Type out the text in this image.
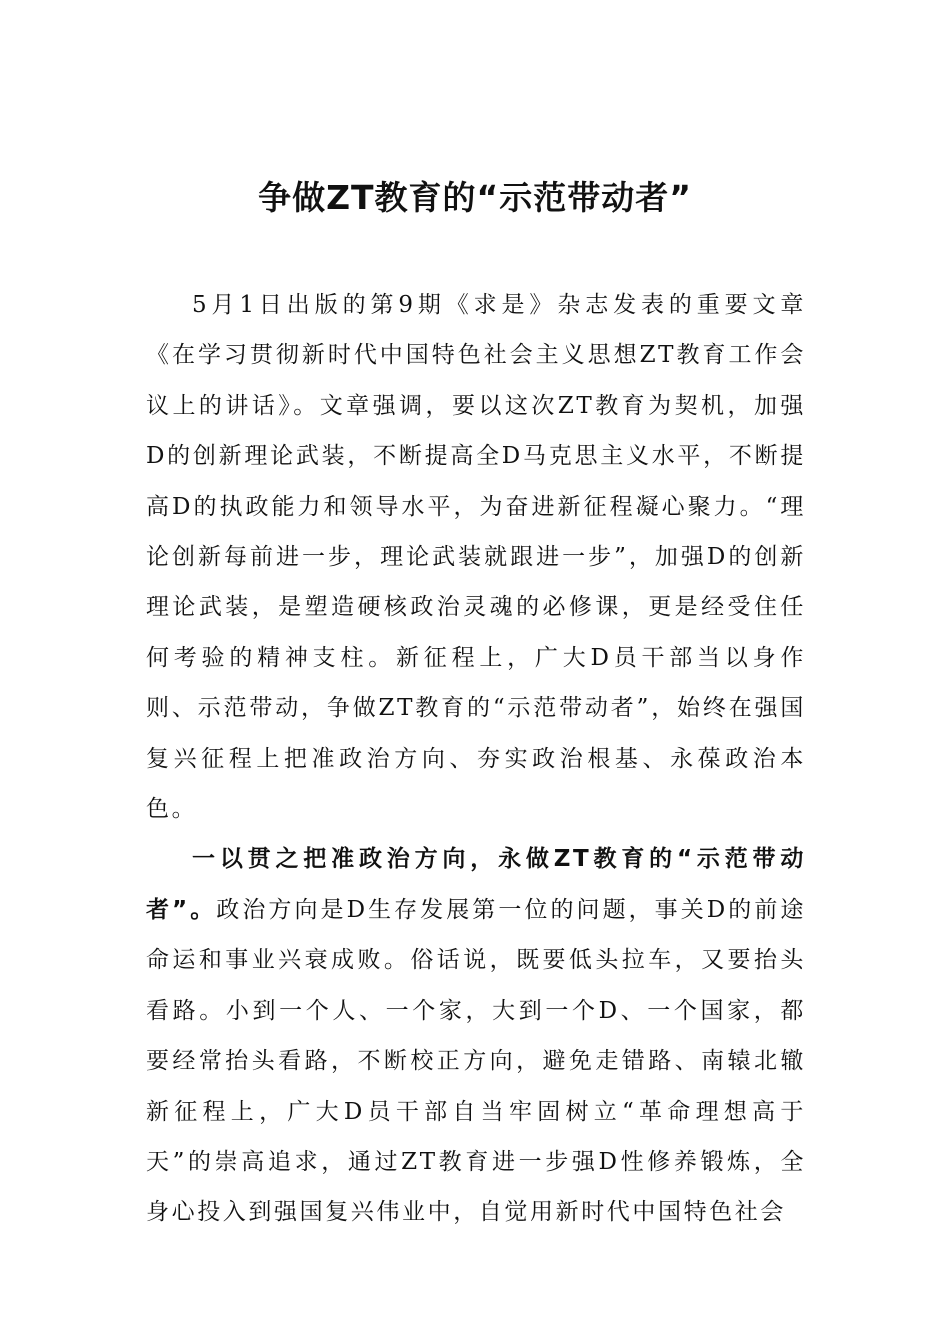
争做ZT教育的“示范带动者”

5月1日出版的第9期《求是》杂志发表的重要文章《在学习贯彻新时代中国特色社会主义思想ZT教育工作会议上的讲话》。文章强调，要以这次ZT教育为契机，加强D的创新理论武装，不断提高全D马克思主义水平，不断提高D的执政能力和领导水平，为奋进新征程凝心聚力。“理论创新每前进一步，理论武装就跟进一步”，加强D的创新理论武装，是塑造硬核政治灵魂的必修课，更是经受住任何考验的精神支柱。新征程上，广大D员干部当以身作则、示范带动，争做ZT教育的“示范带动者”，始终在强国复兴征程上把准政治方向、夯实政治根基、永葆政治本色。

一以贯之把准政治方向，永做ZT教育的“示范带动者”。政治方向是D生存发展第一位的问题，事关D的前途命运和事业兴衰成败。俗话说，既要低头拉车，又要抬头看路。小到一个人、一个家，大到一个D、一个国家，都要经常抬头看路，不断校正方向，避免走错路、南辕北辙新征程上，广大D员干部自当牢固树立“革命理想高于天”的崇高追求，通过ZT教育进一步强D性修养锻炼，全身心投入到强国复兴伟业中，自觉用新时代中国特色社会
